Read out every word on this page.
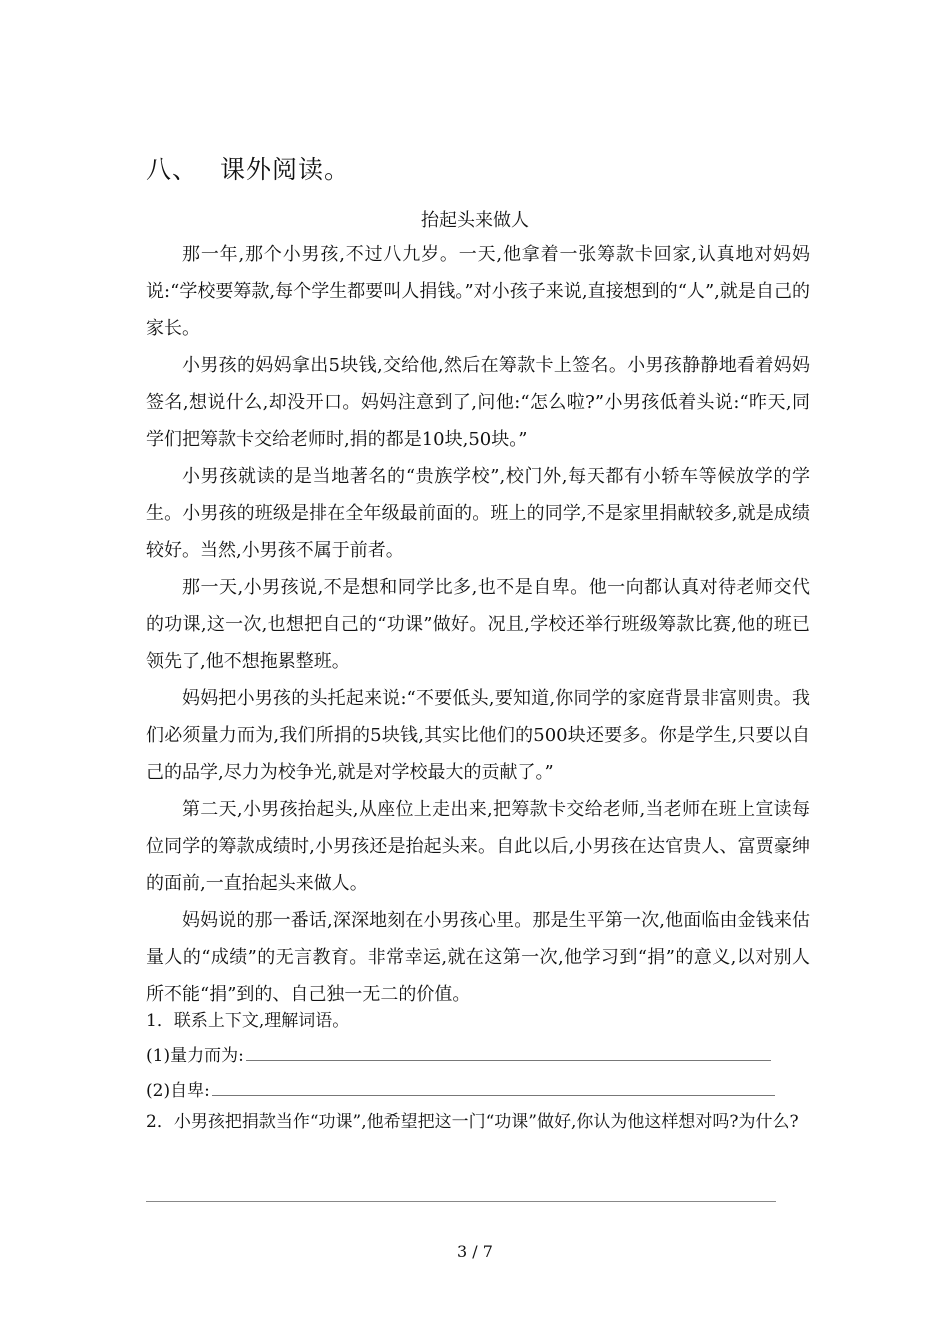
八、 课外阅读。
抬起头来做人

那一年,那个小男孩,不过八九岁。一天,他拿着一张筹款卡回家,认真地对妈妈说:“学校要筹款,每个学生都要叫人捐钱。”对小孩子来说,直接想到的“人”,就是自己的家长。

小男孩的妈妈拿出5块钱,交给他,然后在筹款卡上签名。小男孩静静地看着妈妈签名,想说什么,却没开口。妈妈注意到了,问他:“怎么啦?”小男孩低着头说:“昨天,同学们把筹款卡交给老师时,捐的都是10块,50块。”

小男孩就读的是当地著名的“贵族学校”,校门外,每天都有小轿车等候放学的学生。小男孩的班级是排在全年级最前面的。班上的同学,不是家里捐献较多,就是成绩较好。当然,小男孩不属于前者。

那一天,小男孩说,不是想和同学比多,也不是自卑。他一向都认真对待老师交代的功课,这一次,也想把自己的“功课”做好。况且,学校还举行班级筹款比赛,他的班已领先了,他不想拖累整班。

妈妈把小男孩的头托起来说:“不要低头,要知道,你同学的家庭背景非富则贵。我们必须量力而为,我们所捐的5块钱,其实比他们的500块还要多。你是学生,只要以自己的品学,尽力为校争光,就是对学校最大的贡献了。”

第二天,小男孩抬起头,从座位上走出来,把筹款卡交给老师,当老师在班上宣读每位同学的筹款成绩时,小男孩还是抬起头来。自此以后,小男孩在达官贵人、富贾豪绅的面前,一直抬起头来做人。

妈妈说的那一番话,深深地刻在小男孩心里。那是生平第一次,他面临由金钱来估量人的“成绩”的无言教育。非常幸运,就在这第一次,他学习到“捐”的意义,以对别人所不能“捐”到的、自己独一无二的价值。

1．联系上下文,理解词语。
(1)量力而为:
(2)自卑:
2．小男孩把捐款当作“功课”,他希望把这一门“功课”做好,你认为他这样想对吗?为什么?
3 / 7
